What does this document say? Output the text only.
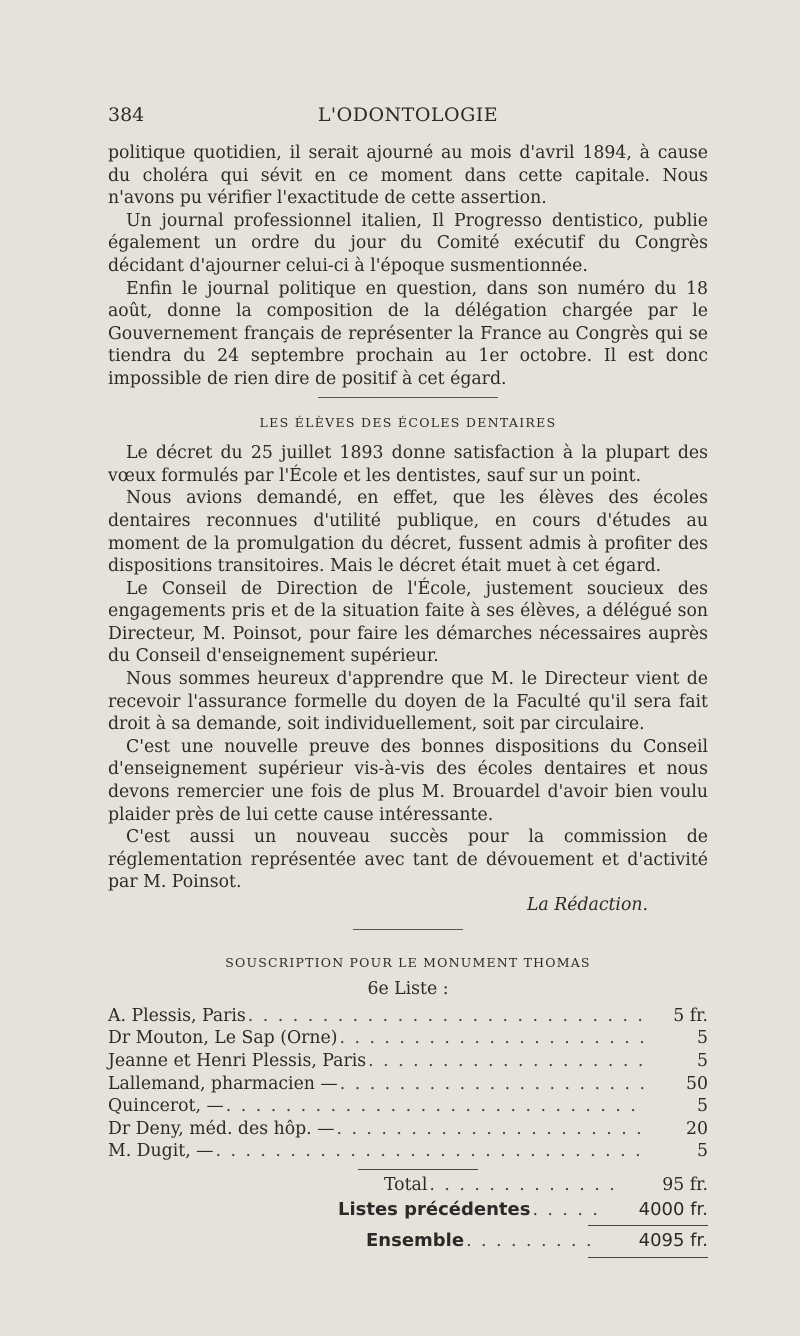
384	L'ODONTOLOGIE

politique quotidien, il serait ajourné au mois d'avril 1894, à cause du choléra qui sévit en ce moment dans cette capitale. Nous n'avons pu vérifier l'exactitude de cette assertion.

Un journal professionnel italien, Il Progresso dentistico, publie également un ordre du jour du Comité exécutif du Congrès décidant d'ajourner celui-ci à l'époque susmentionnée.

Enfin le journal politique en question, dans son numéro du 18 août, donne la composition de la délégation chargée par le Gouvernement français de représenter la France au Congrès qui se tiendra du 24 septembre prochain au 1er octobre. Il est donc impossible de rien dire de positif à cet égard.

LES ÉLÈVES DES ÉCOLES DENTAIRES

Le décret du 25 juillet 1893 donne satisfaction à la plupart des vœux formulés par l'École et les dentistes, sauf sur un point.

Nous avions demandé, en effet, que les élèves des écoles dentaires reconnues d'utilité publique, en cours d'études au moment de la promulgation du décret, fussent admis à profiter des dispositions transitoires. Mais le décret était muet à cet égard.

Le Conseil de Direction de l'École, justement soucieux des engagements pris et de la situation faite à ses élèves, a délégué son Directeur, M. Poinsot, pour faire les démarches nécessaires auprès du Conseil d'enseignement supérieur.

Nous sommes heureux d'apprendre que M. le Directeur vient de recevoir l'assurance formelle du doyen de la Faculté qu'il sera fait droit à sa demande, soit individuellement, soit par circulaire.

C'est une nouvelle preuve des bonnes dispositions du Conseil d'enseignement supérieur vis-à-vis des écoles dentaires et nous devons remercier une fois de plus M. Brouardel d'avoir bien voulu plaider près de lui cette cause intéressante.

C'est aussi un nouveau succès pour la commission de réglementation représentée avec tant de dévouement et d'activité par M. Poinsot.

La Rédaction.

SOUSCRIPTION POUR LE MONUMENT THOMAS
6e Liste :
A. Plessis, Paris . . .	5 fr.
Dr Mouton, Le Sap (Orne) . . .	5
Jeanne et Henri Plessis, Paris . . .	5
Lallemand, pharmacien — . . .	50
Quincerot, — . . .	5
Dr Deny, méd. des hôp. — . . .	20
M. Dugit, — . . .	5
Total . . .	95 fr.
Listes précédentes . . .	4000 fr.
Ensemble . . .	4095 fr.
